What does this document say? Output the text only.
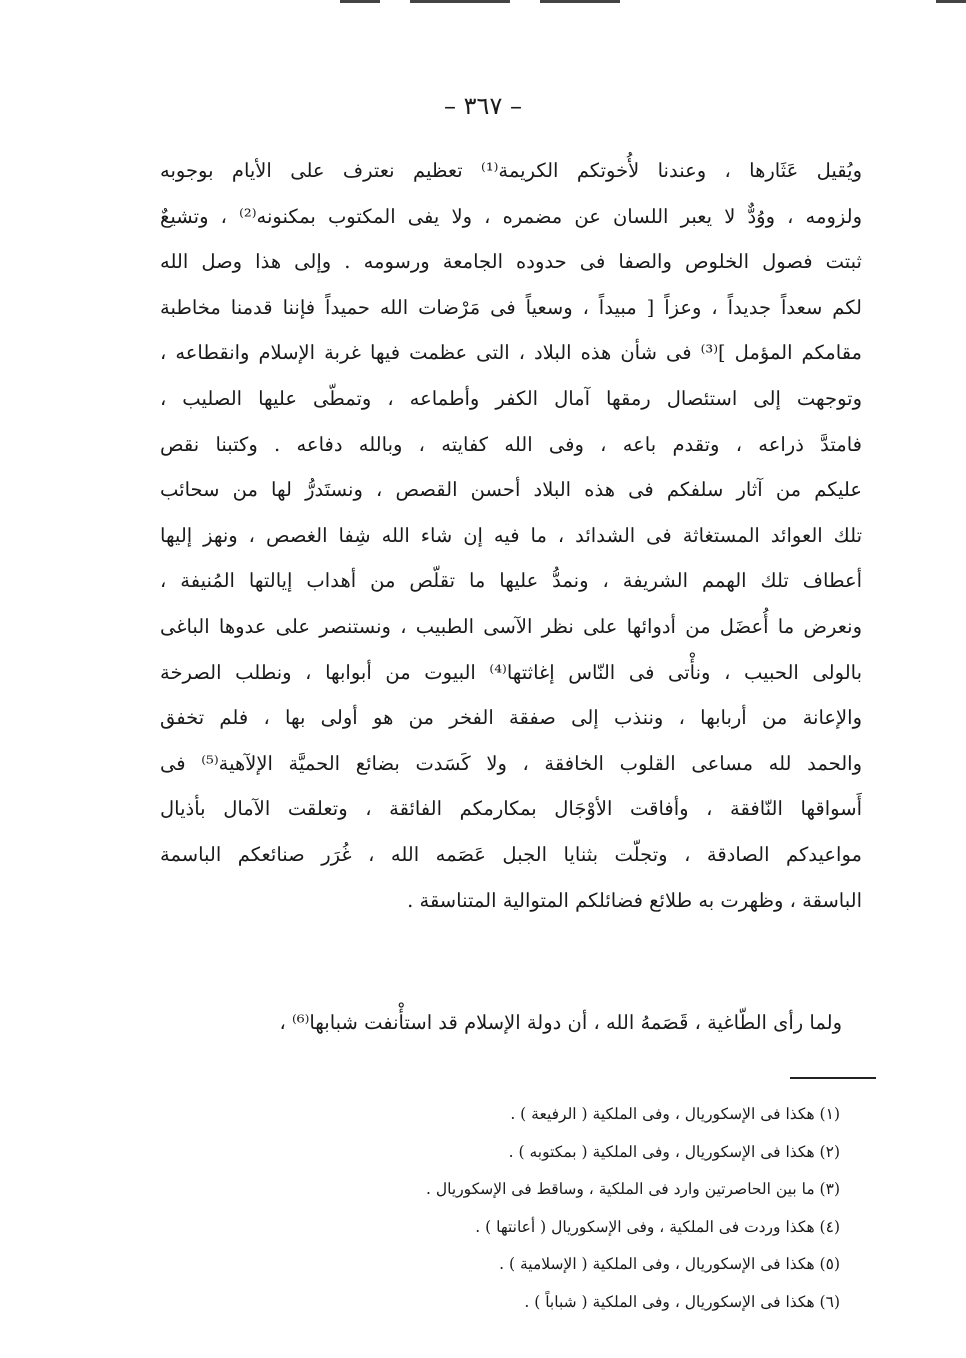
– ٣٦٧ –
ويُقيل عَثَارها ، وعندنا لأُخوتكم الكريمة⁽¹⁾ تعظيم نعترف على الأيام بوجوبه
ولزومه ، ووُدٌّ لا يعبر اللسان عن مضمره ، ولا يفى المكتوب بمكنونه⁽²⁾ ، وتشيعٌ
ثبتت فصول الخلوص والصفا فى حدوده الجامعة ورسومه . وإلى هذا وصل الله
لكم سعداً جديداً ، وعزاً [ مبيداً ، وسعياً فى مَرْضات الله حميداً فإننا قدمنا مخاطبة
مقامكم المؤمل ]⁽³⁾ فى شأن هذه البلاد ، التى عظمت فيها غربة الإسلام وانقطاعه ،
وتوجهت إلى استئصال رمقها آمال الكفر وأطماعه ، وتمطّى عليها الصليب ،
فامتدَّ ذراعه ، وتقدم باعه ، وفى الله كفايته ، وبالله دفاعه . وكتبنا نقص
عليكم من آثار سلفكم فى هذه البلاد أحسن القصص ، ونستَدرُّ لها من سحائب
تلك العوائد المستغاثة فى الشدائد ، ما فيه إن شاء الله شِفا الغصص ، ونهز إليها
أعطاف تلك الهمم الشريفة ، ونمدُّ عليها ما تقلّص من أهداب إيالتها المُنيفة ،
ونعرض ما أُعضَل من أدوائها على نظر الآسى الطبيب ، ونستنصر على عدوها الباغى
بالولى الحبيب ، ونأْتى فى النّاس إغاثتها⁽⁴⁾ البيوت من أبوابها ، ونطلب الصرخة
والإعانة من أربابها ، وننذب إلى صفقة الفخر من هو أولى بها ، فلم تخفق
والحمد لله مساعى القلوب الخافقة ، ولا كَسَدت بضائع الحميَّة الإلآهية⁽⁵⁾ فى
أَسواقها النّافقة ، وأفاقت الأوْجَال بمكارمكم الفائقة ، وتعلقت الآمال بأذيال
مواعيدكم الصادقة ، وتجلّت بثنايا الجبل عَصَمه الله ، غُرَر صنائعكم الباسمة
الباسقة ، وظهرت به طلائع فضائلكم المتوالية المتناسقة .

ولما رأى الطّاغية ، قَصَمهُ الله ، أن دولة الإسلام قد استأْنفت شبابها⁽⁶⁾ ،

(١) هكذا فى الإسكوريال ، وفى الملكية ( الرفيعة ) .
(٢) هكذا فى الإسكوريال ، وفى الملكية ( بمكتوبه ) .
(٣) ما بين الحاصرتين وارد فى الملكية ، وساقط فى الإسكوريال .
(٤) هكذا وردت فى الملكية ، وفى الإسكوريال ( أعانتها ) .
(٥) هكذا فى الإسكوريال ، وفى الملكية ( الإسلامية ) .
(٦) هكذا فى الإسكوريال ، وفى الملكية ( شباباً ) .
